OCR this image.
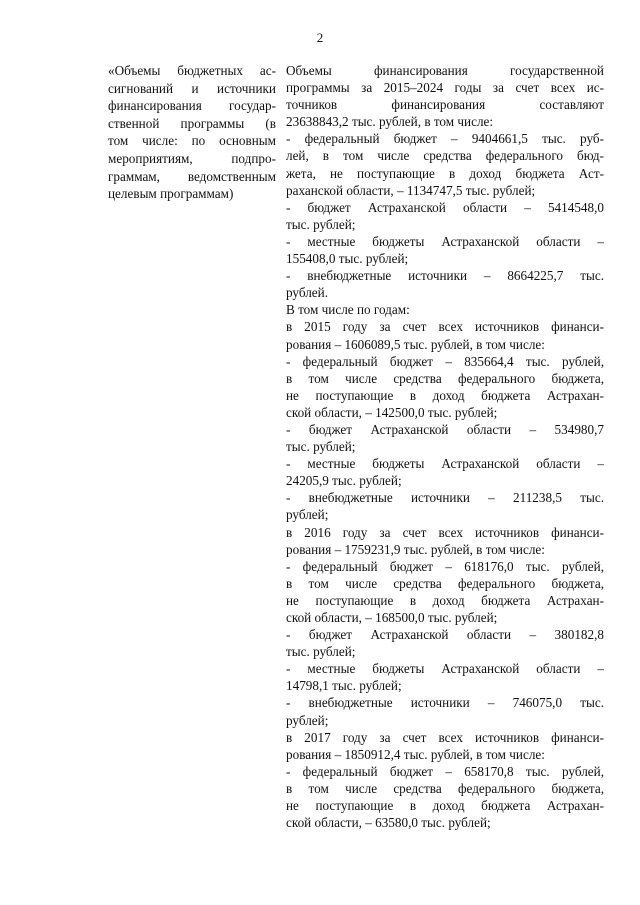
2
«Объемы бюджетных ас-
сигнований и источники
финансирования государ-
ственной программы (в
том числе: по основным
мероприятиям, подпро-
граммам, ведомственным
целевым программам)
Объемы финансирования государственной
программы за 2015–2024 годы за счет всех ис-
точников финансирования составляют
23638843,2 тыс. рублей, в том числе:
- федеральный бюджет – 9404661,5 тыс. руб-
лей, в том числе средства федерального бюд-
жета, не поступающие в доход бюджета Аст-
раханской области, – 1134747,5 тыс. рублей;
- бюджет Астраханской области – 5414548,0
тыс. рублей;
- местные бюджеты Астраханской области –
155408,0 тыс. рублей;
- внебюджетные источники – 8664225,7 тыс.
рублей.
В том числе по годам:
в 2015 году за счет всех источников финанси-
рования – 1606089,5 тыс. рублей, в том числе:
- федеральный бюджет – 835664,4 тыс. рублей,
в том числе средства федерального бюджета,
не поступающие в доход бюджета Астрахан-
ской области, – 142500,0 тыс. рублей;
- бюджет Астраханской области – 534980,7
тыс. рублей;
- местные бюджеты Астраханской области –
24205,9 тыс. рублей;
- внебюджетные источники – 211238,5 тыс.
рублей;
в 2016 году за счет всех источников финанси-
рования – 1759231,9 тыс. рублей, в том числе:
- федеральный бюджет – 618176,0 тыс. рублей,
в том числе средства федерального бюджета,
не поступающие в доход бюджета Астрахан-
ской области, – 168500,0 тыс. рублей;
- бюджет Астраханской области – 380182,8
тыс. рублей;
- местные бюджеты Астраханской области –
14798,1 тыс. рублей;
- внебюджетные источники – 746075,0 тыс.
рублей;
в 2017 году за счет всех источников финанси-
рования – 1850912,4 тыс. рублей, в том числе:
- федеральный бюджет – 658170,8 тыс. рублей,
в том числе средства федерального бюджета,
не поступающие в доход бюджета Астрахан-
ской области, – 63580,0 тыс. рублей;
